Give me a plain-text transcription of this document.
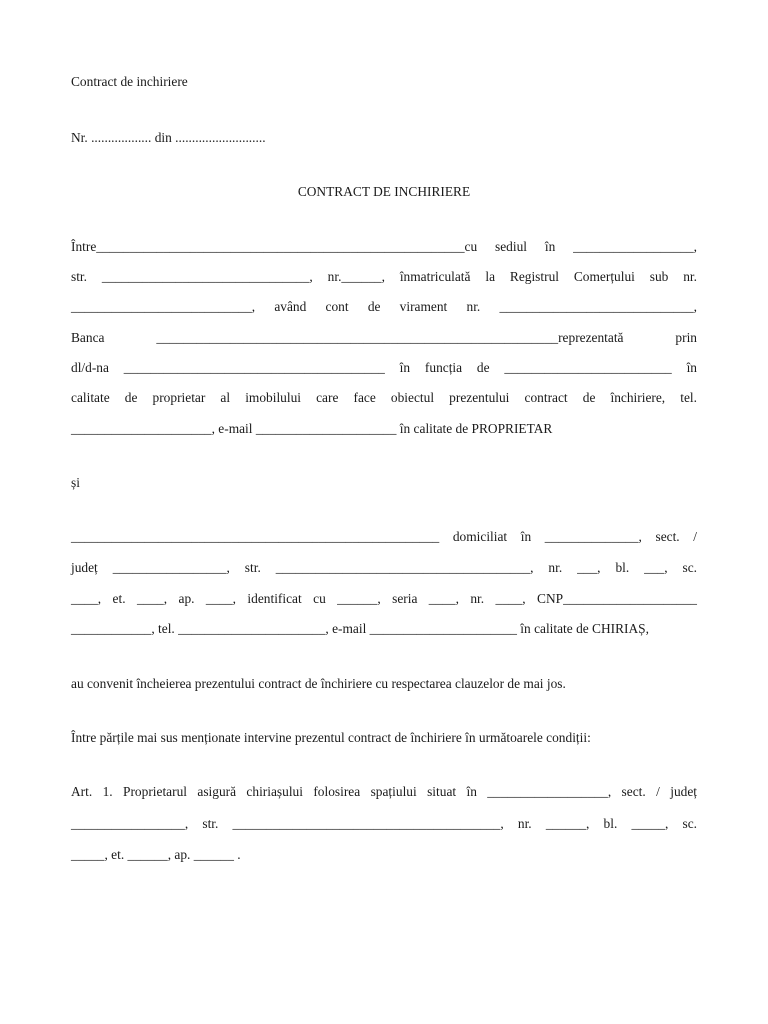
Contract de inchiriere
Nr. .................. din ...........................
CONTRACT DE INCHIRIERE
Între_______________________________________________________cu sediul în __________________,
str. _______________________________, nr.______, înmatriculată la Registrul Comerțului sub nr.
___________________________, având cont de virament nr. _____________________________,
Banca ____________________________________________________________reprezentată prin
dl/d-na _______________________________________ în funcția de _________________________ în
calitate de proprietar al imobilului care face obiectul prezentului contract de închiriere, tel.
_____________________, e-mail _____________________ în calitate de PROPRIETAR
și
_______________________________________________________ domiciliat în ______________, sect. /
județ _________________, str. ______________________________________, nr. ___, bl. ___, sc.
____, et. ____, ap. ____, identificat cu ______, seria ____, nr. ____, CNP____________________
____________, tel. ______________________, e-mail ______________________ în calitate de CHIRIAȘ,
au convenit încheierea prezentului contract de închiriere cu respectarea clauzelor de mai jos.
Între părțile mai sus menționate intervine prezentul contract de închiriere în următoarele condiții:
Art. 1. Proprietarul asigură chiriașului folosirea spațiului situat în __________________, sect. / județ
_________________, str. ________________________________________, nr. ______, bl. _____, sc.
_____, et. ______, ap. ______ .
